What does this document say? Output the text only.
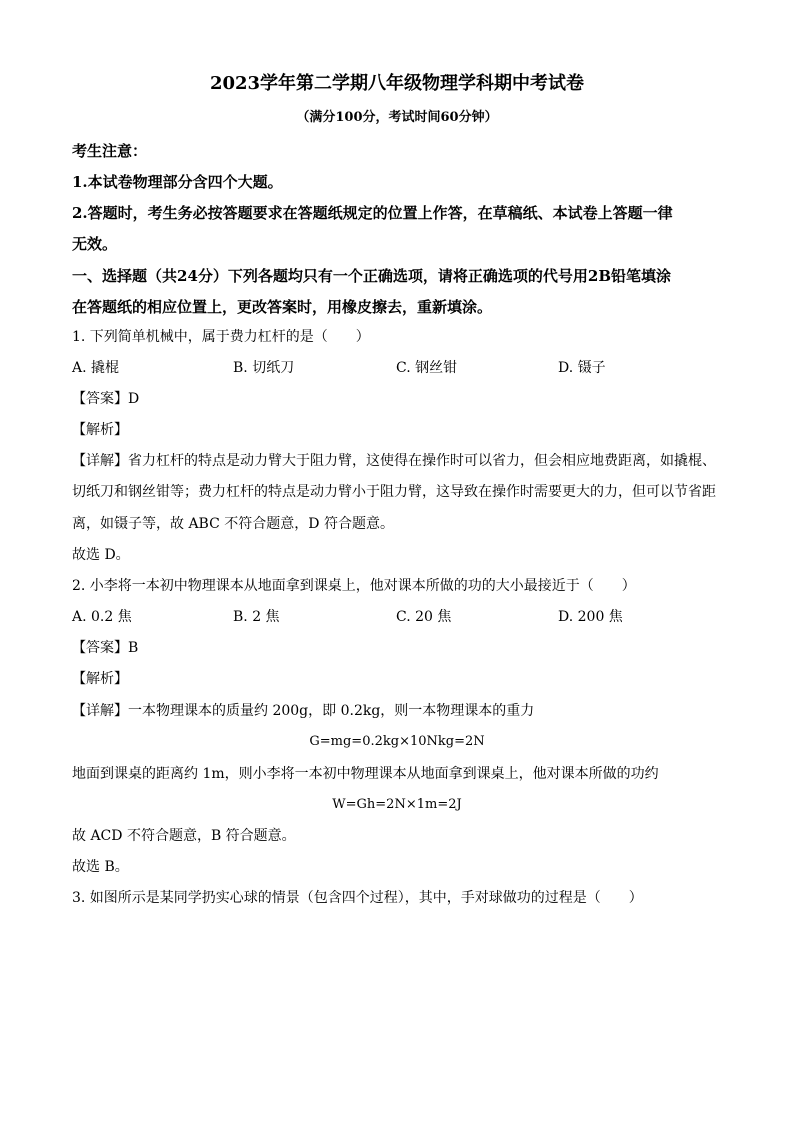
2023学年第二学期八年级物理学科期中考试卷
（满分100分，考试时间60分钟）
考生注意：
1.本试卷物理部分含四个大题。
2.答题时，考生务必按答题要求在答题纸规定的位置上作答，在草稿纸、本试卷上答题一律
无效。
一、选择题（共24分）下列各题均只有一个正确选项，请将正确选项的代号用2B铅笔填涂
在答题纸的相应位置上，更改答案时，用橡皮擦去，重新填涂。
1. 下列简单机械中，属于费力杠杆的是（　　）
A. 撬棍	B. 切纸刀	C. 钢丝钳	D. 镊子
【答案】D
【解析】
【详解】省力杠杆的特点是动力臂大于阻力臂，这使得在操作时可以省力，但会相应地费距离，如撬棍、
切纸刀和钢丝钳等；费力杠杆的特点是动力臂小于阻力臂，这导致在操作时需要更大的力，但可以节省距
离，如镊子等，故 ABC 不符合题意，D 符合题意。
故选 D。
2. 小李将一本初中物理课本从地面拿到课桌上，他对课本所做的功的大小最接近于（　　）
A. 0.2 焦	B. 2 焦	C. 20 焦	D. 200 焦
【答案】B
【解析】
【详解】一本物理课本的质量约 200g，即 0.2kg，则一本物理课本的重力
G=mg=0.2kg×10Nkg=2N
地面到课桌的距离约 1m，则小李将一本初中物理课本从地面拿到课桌上，他对课本所做的功约
W=Gh=2N×1m=2J
故 ACD 不符合题意，B 符合题意。
故选 B。
3. 如图所示是某同学扔实心球的情景（包含四个过程），其中，手对球做功的过程是（　　）
